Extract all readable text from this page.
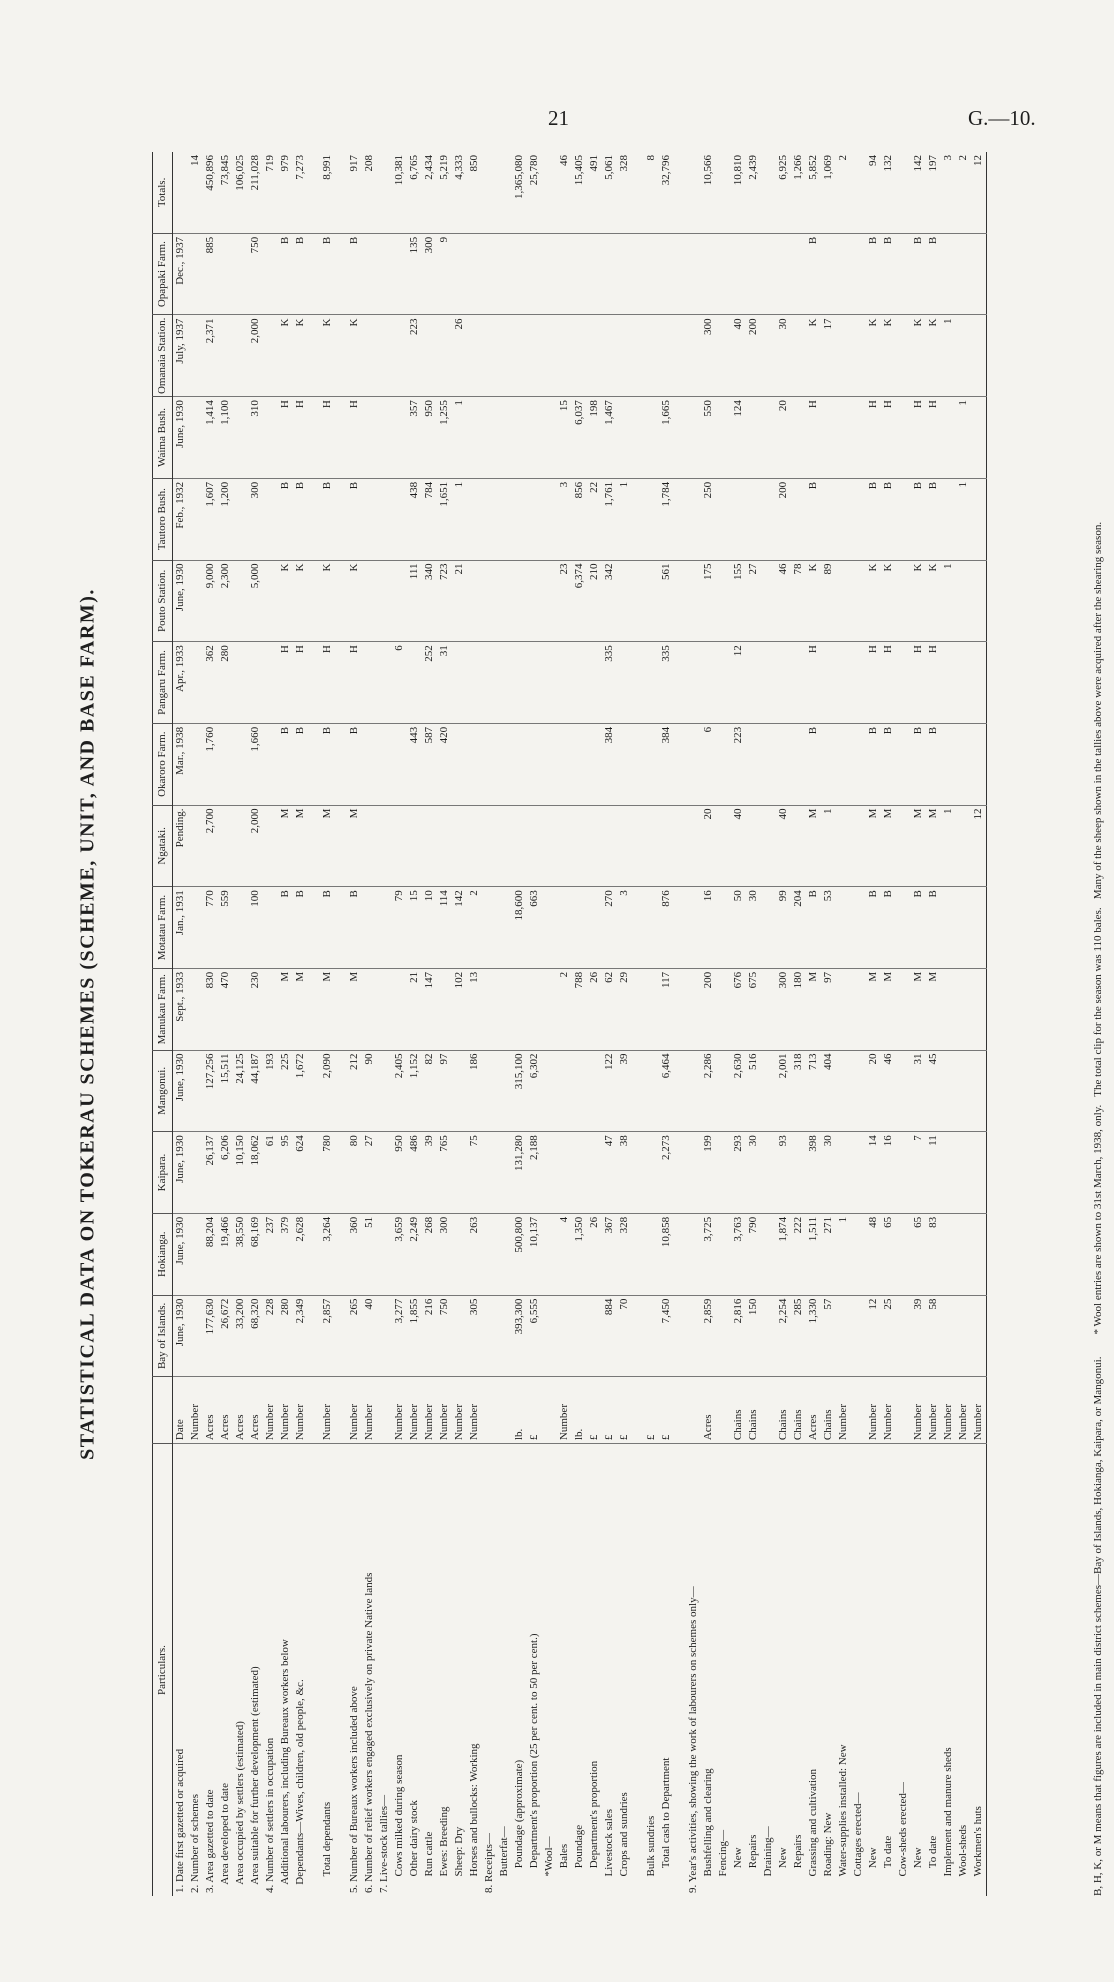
21	G.—10.
STATISTICAL DATA ON TOKERAU SCHEMES (SCHEME, UNIT, AND BASE FARM).
Particulars.		Bay of Islands.	Hokianga.	Kaipara.	Mangonui.	Manukau Farm.	Motatau Farm.	Ngataki.	Okaroro Farm.	Pangaru Farm.	Pouto Station.	Tautoro Bush.	Waima Bush.	Omanaia Station.	Opapaki Farm.	Totals.
1. Date first gazetted or acquired	Date	June, 1930	June, 1930	June, 1930	June, 1930	Sept., 1933	Jan., 1931	Pending.	Mar., 1938	Apr., 1933	June, 1930	Feb., 1932	June, 1930	July, 1937	Dec., 1937	
2. Number of schemes	Number															14
3. Area gazetted to date	Acres	177,630	88,204	26,137	127,256	830	770	2,700	1,760	362	9,000	1,607	1,414	2,371	885	450,896
Area developed to date	Acres	26,672	19,466	6,206	15,511	470	559			280	2,300	1,200	1,100			73,845
Area occupied by settlers (estimated)	Acres	33,200	38,550	10,150	24,125											106,025
Area suitable for further development (estimated)	Acres	68,320	68,169	18,062	44,187	230	100	2,000	1,660		5,000	300	310	2,000	750	211,028
4. Number of settlers in occupation	Number	228	237	61	193											719
Additional labourers, including Bureaux workers below	Number	280	379	95	225	M	B	M	B	H	K	B	H	K	B	979
Dependants—Wives, children, old people, &c.	Number	2,349	2,628	624	1,672	M	B	M	B	H	K	B	H	K	B	7,273

Total dependants	Number	2,857	3,264	780	2,090	M	B	M	B	H	K	B	H	K	B	8,991

5. Number of Bureaux workers included above	Number	265	360	80	212	M	B	M	B	H	K	B	H	K	B	917
6. Number of relief workers engaged exclusively on private Native lands	Number	40	51	27	90											208
7. Live-stock tallies—																
Cows milked during season	Number	3,277	3,659	950	2,405		79			6						10,381
Other dairy stock	Number	1,855	2,249	486	1,152	21	15		443		111	438	357	223	135	6,765
Run cattle	Number	216	268	39	82	147	10		587	252	340	784	950		300	2,434
Ewes: Breeding	Number	750	300	765	97		114		420	31	723	1,651	1,255		9	5,219
Sheep: Dry	Number					102	142				21	1	1	26		4,333
Horses and bullocks: Working	Number	305	263	75	186	13	2									850
8. Receipts—																
Butterfat—																
Poundage (approximate)	lb.	393,300	500,800	131,280	315,100		18,600									1,365,080
Department's proportion (25 per cent. to 50 per cent.)	£	6,555	10,137	2,188	6,302		663									25,780
*Wool—																
Bales	Number		4			2					23	3	15			46
Poundage	lb.		1,350			788					6,374	856	6,037			15,405
Department's proportion	£		26			26					210	22	198			491
Livestock sales	£	884	367	47	122	62	270		384	335	342	1,761	1,467			5,061
Crops and sundries	£	70	328	38	39	29	3					1				328

Bulk sundries	£															8
Total cash to Department	£	7,450	10,858	2,273	6,464	117	876		384	335	561	1,784	1,665			32,796

9. Year's activities, showing the work of labourers on schemes only—																
Bushfelling and clearing	Acres	2,859	3,725	199	2,286	200	16	20	6		175	250	550	300		10,566
Fencing—																
New	Chains	2,816	3,763	293	2,630	676	50	40	223	12	155		124	40		10,810
Repairs	Chains	150	790	30	516	675	30				27			200		2,439
Draining—																
New	Chains	2,254	1,874	93	2,001	300	99	40			46	200	20	30		6,925
Repairs	Chains	285	222		318	180	204				78					1,266
Grassing and cultivation	Acres	1,330	1,511	398	713	M	B	M	B	H	K	B	H	K	B	5,852
Roading: New	Chains	57	271	30	404	97	53	1			89			17		1,069
Water-supplies installed: New	Number		1													2
Cottages erected—																
New	Number	12	48	14	20	M	B	M	B	H	K	B	H	K	B	94
To date	Number	25	65	16	46	M	B	M	B	H	K	B	H	K	B	132
Cow-sheds erected—																
New	Number	39	65	7	31	M	B	M	B	H	K	B	H	K	B	142
To date	Number	58	83	11	45	M	B	M	B	H	K	B	H	K	B	197
Implement and manure sheds	Number							1			1			1		3
Wool-sheds	Number											1	1			2
Workmen's huts	Number							12								12
B, H, K, or M means that figures are included in main district schemes—Bay of Islands, Hokianga, Kaipara, or Mangonui.        * Wool entries are shown to 31st March, 1938, only.   The total clip for the season was 110 bales.   Many of the sheep shown in the tallies above were acquired after the shearing season.
